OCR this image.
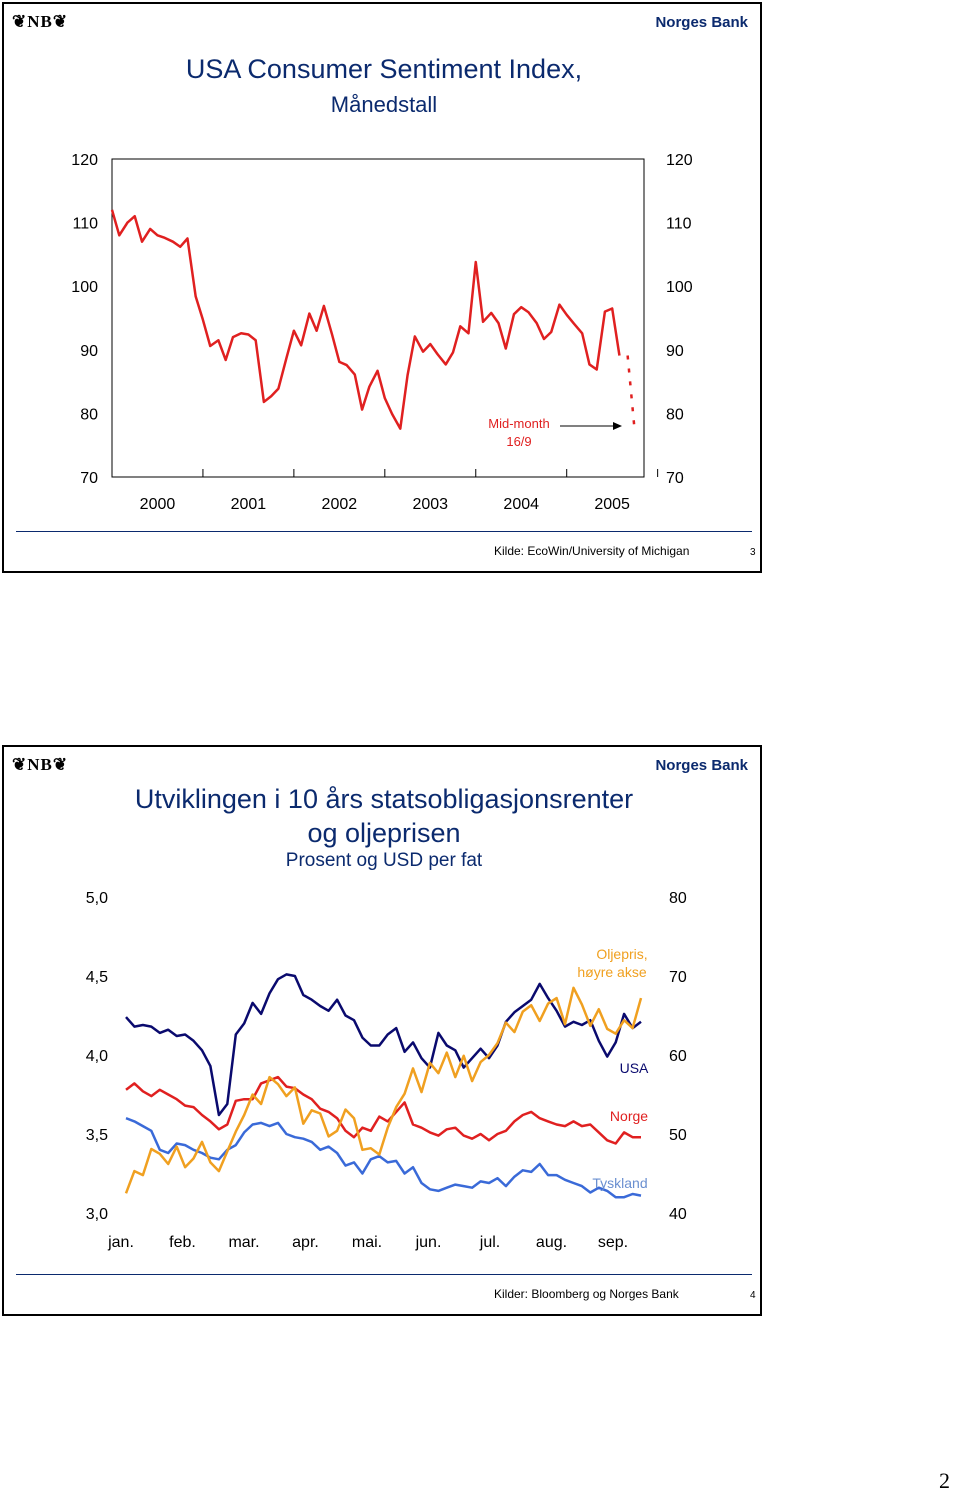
❦NB❦	Norges Bank
USA Consumer Sentiment Index,
Månedstall
120
110
100
90
80
70
120
110
100
90
80
70
2000	2001	2002	2003	2004	2005
Mid-month
16/9
Kilde: EcoWin/University of Michigan	3
❦NB❦	Norges Bank
Utviklingen i 10 års statsobligasjonsrenter
og oljeprisen
Prosent og USD per fat
5,0
4,5
4,0
3,5
3,0
80
70
60
50
40
jan. feb. mar. apr. mai. jun. jul. aug. sep.
Oljepris,
høyre akse
USA
Norge
Tyskland
Kilder: Bloomberg og Norges Bank	4
2
